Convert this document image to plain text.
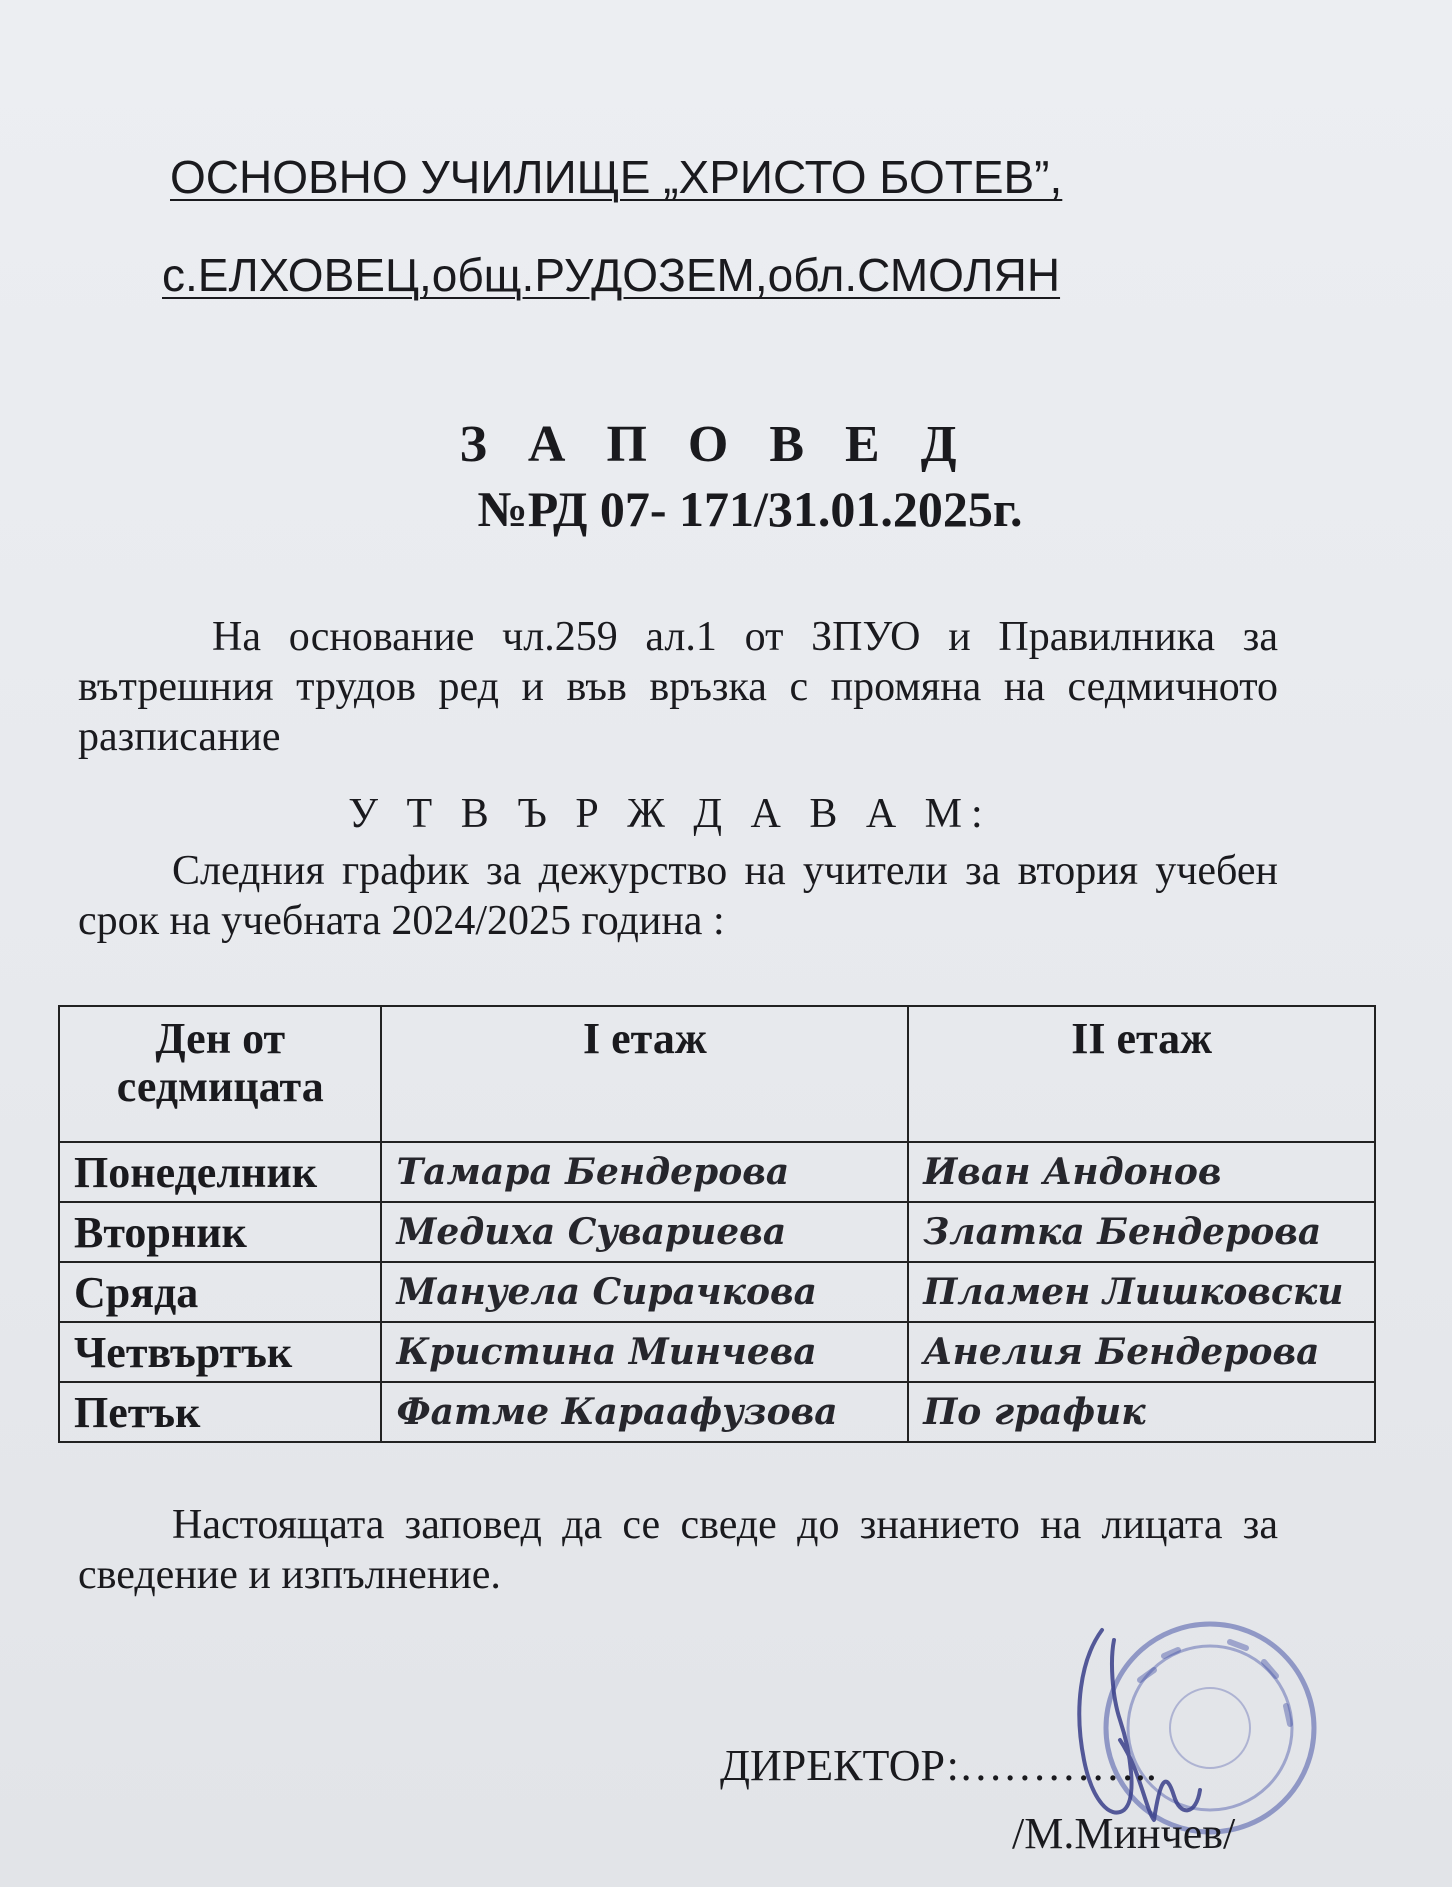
ОСНОВНО УЧИЛИЩЕ „ХРИСТО БОТЕВ”,
с.ЕЛХОВЕЦ,общ.РУДОЗЕМ,обл.СМОЛЯН
З А П О В Е Д
№РД 07- 171/31.01.2025г.
На основание чл.259 ал.1 от ЗПУО и Правилника за вътрешния трудов ред и във връзка с промяна на седмичното разписание
У Т В Ъ Р Ж Д А В А М:
Следния график за дежурство на учители за втория учебен срок на учебната 2024/2025 година :
Ден от седмицата	I етаж	II етаж
Понеделник	Тамара Бендерова	Иван Андонов
Вторник	Медиха Сувариева	Златка Бендерова
Сряда	Мануела Сирачкова	Пламен Лишковски
Четвъртък	Кристина Минчева	Анелия Бендерова
Петък	Фатме Караафузова	По график
Настоящата заповед да се сведе до знанието на лицата за сведение и изпълнение.
ДИРЕКТОР:…………..
/М.Минчев/
